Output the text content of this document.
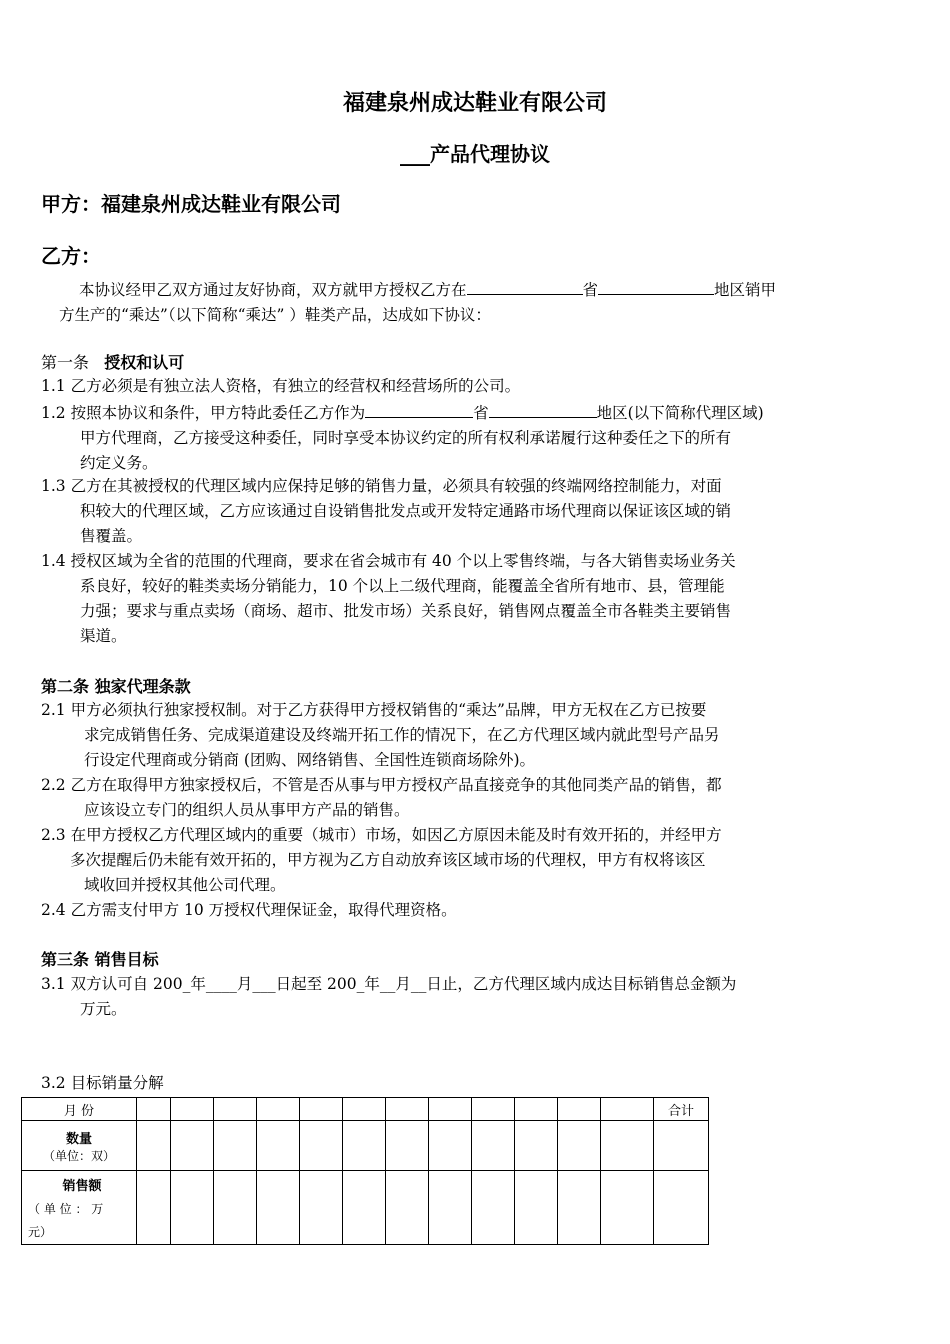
福建泉州成达鞋业有限公司
___产品代理协议
甲方：福建泉州成达鞋业有限公司
乙方：
本协议经甲乙双方通过友好协商，双方就甲方授权乙方在	省	地区销甲
方生产的“乘达”（以下简称“乘达” ）鞋类产品，达成如下协议：
第一条 授权和认可
1.1 乙方必须是有独立法人资格，有独立的经营权和经营场所的公司。
1.2 按照本协议和条件，甲方特此委任乙方作为	省	地区(以下简称代理区域)
甲方代理商，乙方接受这种委任，同时享受本协议约定的所有权利承诺履行这种委任之下的所有
约定义务。
1.3 乙方在其被授权的代理区域内应保持足够的销售力量，必须具有较强的终端网络控制能力，对面
积较大的代理区域，乙方应该通过自设销售批发点或开发特定通路市场代理商以保证该区域的销
售覆盖。
1.4 授权区域为全省的范围的代理商，要求在省会城市有 40 个以上零售终端，与各大销售卖场业务关
系良好，较好的鞋类卖场分销能力，10 个以上二级代理商，能覆盖全省所有地市、县，管理能
力强；要求与重点卖场（商场、超市、批发市场）关系良好，销售网点覆盖全市各鞋类主要销售
渠道。
第二条 独家代理条款
2.1 甲方必须执行独家授权制。对于乙方获得甲方授权销售的“乘达”品牌，甲方无权在乙方已按要
求完成销售任务、完成渠道建设及终端开拓工作的情况下，在乙方代理区域内就此型号产品另
行设定代理商或分销商 (团购、网络销售、全国性连锁商场除外)。
2.2 乙方在取得甲方独家授权后，不管是否从事与甲方授权产品直接竞争的其他同类产品的销售，都
应该设立专门的组织人员从事甲方产品的销售。
2.3 在甲方授权乙方代理区域内的重要（城市）市场，如因乙方原因未能及时有效开拓的，并经甲方
多次提醒后仍未能有效开拓的，甲方视为乙方自动放弃该区域市场的代理权，甲方有权将该区
域收回并授权其他公司代理。
2.4 乙方需支付甲方 10 万授权代理保证金，取得代理资格。
第三条 销售目标
3.1 双方认可自 200_年____月___日起至 200_年__月__日止，乙方代理区域内成达目标销售总金额为
万元。
3.2 目标销量分解
月 份													合计

数量
（单位：双）													

销售额
（ 单 位 ： 万
元）													
